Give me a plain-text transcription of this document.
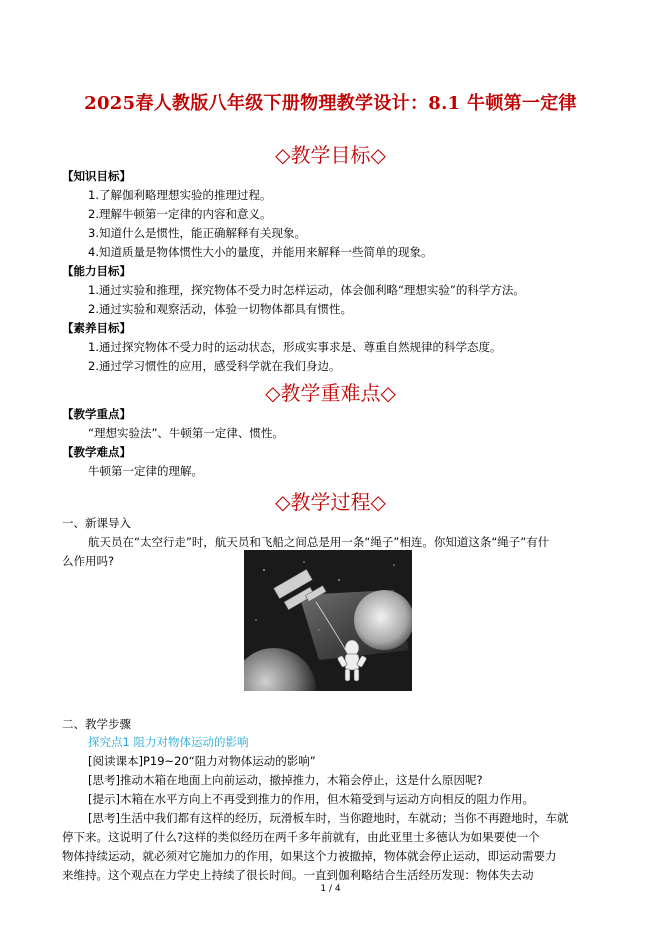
2025春人教版八年级下册物理教学设计：8.1 牛顿第一定律
◇教学目标◇
【知识目标】
1.了解伽利略理想实验的推理过程。
2.理解牛顿第一定律的内容和意义。
3.知道什么是惯性，能正确解释有关现象。
4.知道质量是物体惯性大小的量度，并能用来解释一些简单的现象。
【能力目标】
1.通过实验和推理，探究物体不受力时怎样运动，体会伽利略“理想实验”的科学方法。
2.通过实验和观察活动，体验一切物体都具有惯性。
【素养目标】
1.通过探究物体不受力时的运动状态，形成实事求是、尊重自然规律的科学态度。
2.通过学习惯性的应用，感受科学就在我们身边。
◇教学重难点◇
【教学重点】
“理想实验法”、牛顿第一定律、惯性。
【教学难点】
牛顿第一定律的理解。
◇教学过程◇
一、新课导入
航天员在“太空行走”时，航天员和飞船之间总是用一条“绳子”相连。你知道这条“绳子”有什
么作用吗?
二、教学步骤
探究点1 阻力对物体运动的影响
[阅读课本]P19~20“阻力对物体运动的影响”
[思考]推动木箱在地面上向前运动，撤掉推力，木箱会停止，这是什么原因呢?
[提示]木箱在水平方向上不再受到推力的作用，但木箱受到与运动方向相反的阻力作用。
[思考]生活中我们都有这样的经历，玩滑板车时，当你蹬地时，车就动；当你不再蹬地时，车就
停下来。这说明了什么?这样的类似经历在两千多年前就有，由此亚里士多德认为如果要使一个
物体持续运动，就必须对它施加力的作用，如果这个力被撤掉，物体就会停止运动，即运动需要力
来维持。这个观点在力学史上持续了很长时间。一直到伽利略结合生活经历发现：物体失去动
1 / 4
